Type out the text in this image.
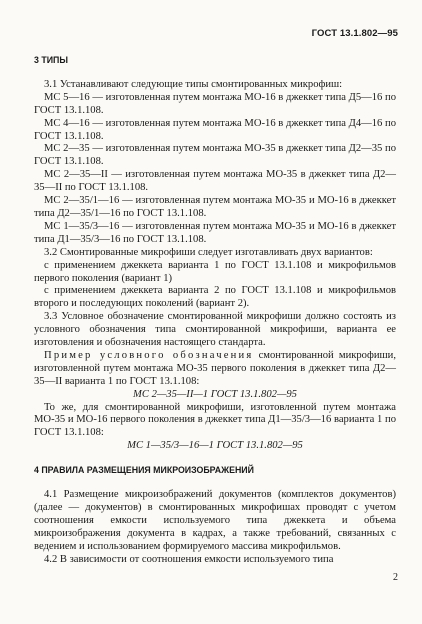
ГОСТ 13.1.802—95
3 ТИПЫ

3.1 Устанавливают следующие типы смонтированных микрофиш:

МС 5—16 — изготовленная путем монтажа МО-16 в джеккет типа Д5—16 по ГОСТ 13.1.108.

МС 4—16 — изготовленная путем монтажа МО-16 в джеккет типа Д4—16 по ГОСТ 13.1.108.

МС 2—35 — изготовленная путем монтажа МО-35 в джеккет типа Д2—35 по ГОСТ 13.1.108.

МС 2—35—II — изготовленная путем монтажа МО-35 в джеккет типа Д2—35—II по ГОСТ 13.1.108.

МС 2—35/1—16 — изготовленная путем монтажа МО-35 и МО-16 в джеккет типа Д2—35/1—16 по ГОСТ 13.1.108.

МС 1—35/3—16 — изготовленная путем монтажа МО-35 и МО-16 в джеккет типа Д1—35/3—16 по ГОСТ 13.1.108.

3.2 Смонтированные микрофиши следует изготавливать двух вариантов:

с применением джеккета варианта 1 по ГОСТ 13.1.108 и микрофильмов первого поколения (вариант 1)

с применением джеккета варианта 2 по ГОСТ 13.1.108 и микрофильмов второго и последующих поколений (вариант 2).

3.3 Условное обозначение смонтированной микрофиши должно состоять из условного обозначения типа смонтированной микрофиши, варианта ее изготовления и обозначения настоящего стандарта.

Пример условного обозначения смонтированной микрофиши, изготовленной путем монтажа МО-35 первого поколения в джеккет типа Д2—35—II варианта 1 по ГОСТ 13.1.108:

МС 2—35—II—1 ГОСТ 13.1.802—95

То же, для смонтированной микрофиши, изготовленной путем монтажа МО-35 и МО-16 первого поколения в джеккет типа Д1—35/3—16 варианта 1 по ГОСТ 13.1.108:

МС 1—35/3—16—1 ГОСТ 13.1.802—95

4 ПРАВИЛА РАЗМЕЩЕНИЯ МИКРОИЗОБРАЖЕНИЙ

4.1 Размещение микроизображений документов (комплектов документов) (далее — документов) в смонтированных микрофишах проводят с учетом соотношения емкости используемого типа джеккета и объема микроизображения документа в кадрах, а также требований, связанных с ведением и использованием формируемого массива микрофильмов.

4.2 В зависимости от соотношения емкости используемого типа

2
